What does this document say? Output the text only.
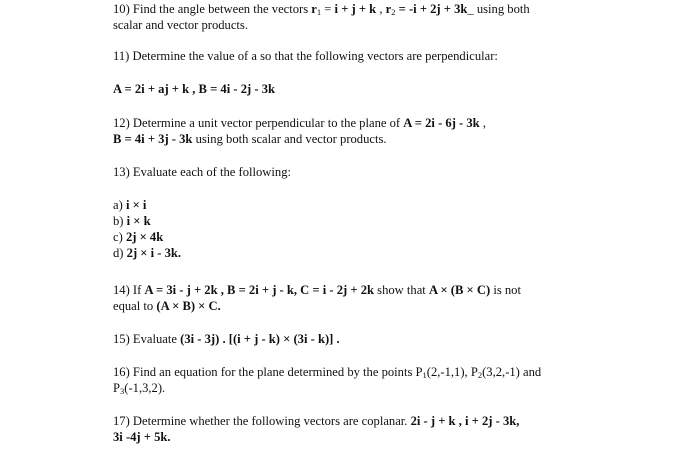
10) Find the angle between the vectors $r_1 = i + j + k$ , $r_2 = -i + 2j$ + 3k_ using both
scalar and vector products.
11) Determine the value of a so that the following vectors are perpendicular:
A = 2i + aj + k , B = 4i - 2j - 3k
12) Determine a unit vector perpendicular to the plane of A = 2i - 6j - 3k ,
B = 4i + 3j - 3k using both scalar and vector products.
13) Evaluate each of the following:
a) i × i
b) i × k
c) 2j × 4k
d) 2j × i - 3k.
14) If A = 3i - j + 2k , B = 2i + j - k, C = i - 2j + 2k show that A × (B × C) is not
equal to (A × B) × C.
15) Evaluate (3i - 3j) . [(i + j - k) × (3i - k)] .
16) Find an equation for the plane determined by the points $P_1(2,-1,1)$, $P_2(3,2,-1)$ and
$P_3(-1,3,2)$.
17) Determine whether the following vectors are coplanar. 2i - j + k , i + 2j - 3k,
3i -4j + 5k.
